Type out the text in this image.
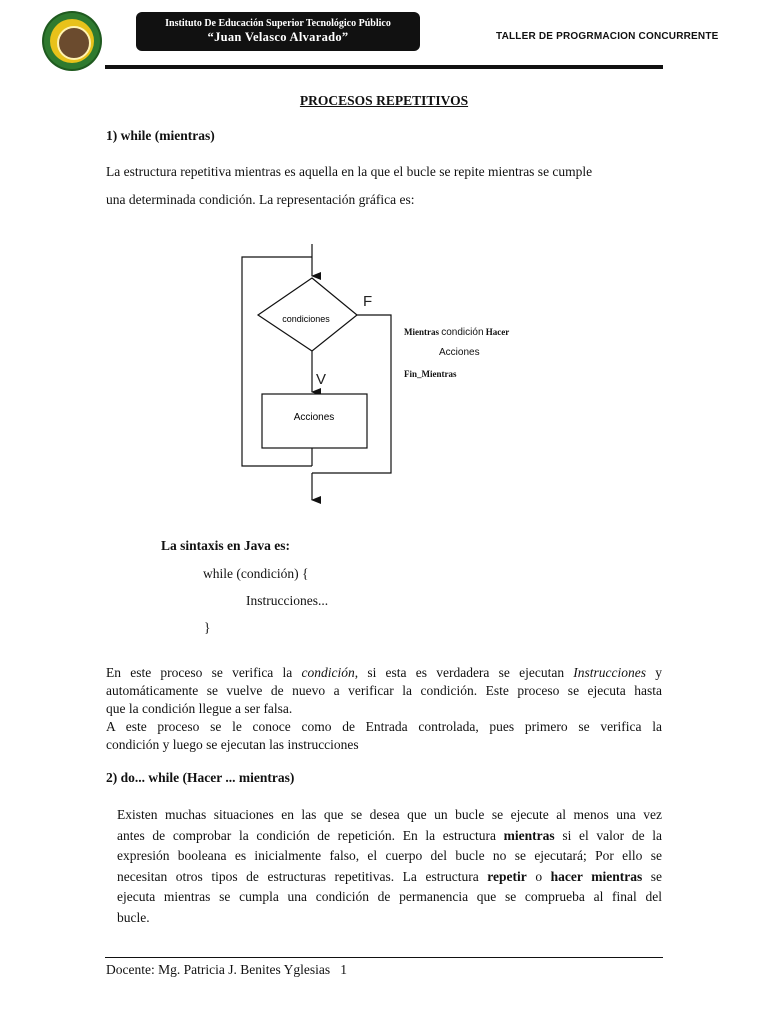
Instituto De Educación Superior Tecnológico Público
“Juan Velasco Alvarado”	TALLER DE PROGRMACION CONCURRENTE
PROCESOS REPETITIVOS
1) while (mientras)
La estructura repetitiva mientras es aquella en la que el bucle se repite mientras se cumple
una determinada condición. La representación gráfica es:
condiciones
F
V
Acciones
Mientras condición Hacer
Acciones
Fin_Mientras
La sintaxis en Java es:
while (condición) {
Instrucciones...
}
En este proceso se verifica la condición, si esta es verdadera se ejecutan Instrucciones y
automáticamente se vuelve de nuevo a verificar la condición. Este proceso se ejecuta hasta
que la condición llegue a ser falsa.
A este proceso se le conoce como de Entrada controlada, pues primero se verifica la
condición y luego se ejecutan las instrucciones
2) do... while (Hacer ... mientras)
Existen muchas situaciones en las que se desea que un bucle se ejecute al menos una vez
antes de comprobar la condición de repetición. En la estructura mientras si el valor de la
expresión booleana es inicialmente falso, el cuerpo del bucle no se ejecutará; Por ello se
necesitan otros tipos de estructuras repetitivas. La estructura repetir o hacer mientras se
ejecuta mientras se cumpla una condición de permanencia que se comprueba al final del
bucle.
Docente: Mg. Patricia J. Benites Yglesias 1
